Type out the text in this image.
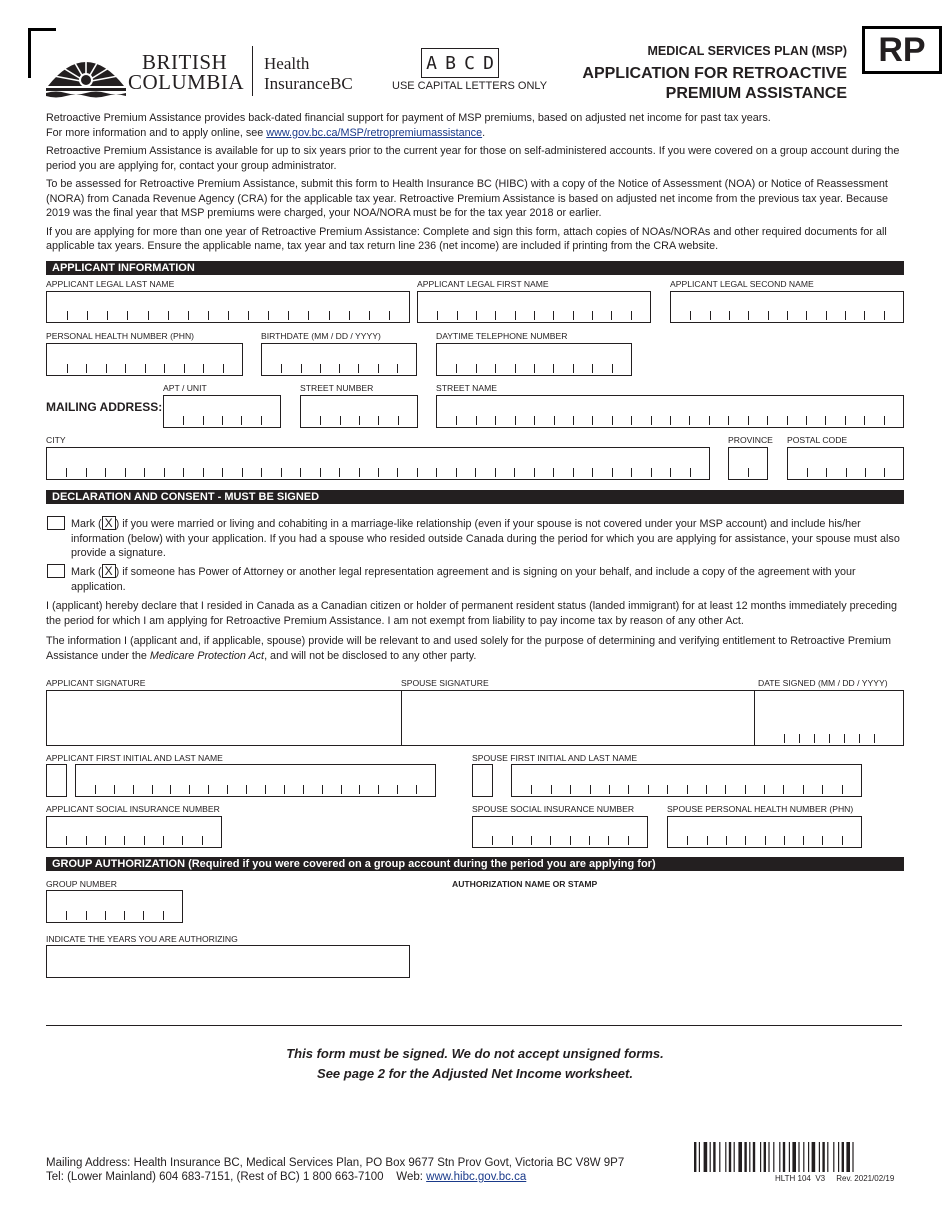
RP
BRITISH
COLUMBIA
Health
InsuranceBC
A B C D
USE CAPITAL LETTERS ONLY
MEDICAL SERVICES PLAN (MSP)
APPLICATION FOR RETROACTIVE
PREMIUM ASSISTANCE

Retroactive Premium Assistance provides back-dated financial support for payment of MSP premiums, based on adjusted net income for past tax years.

For more information and to apply online, see www.gov.bc.ca/MSP/retropremiumassistance.

Retroactive Premium Assistance is available for up to six years prior to the current year for those on self-administered accounts. If you were covered on a group account during the period you are applying for, contact your group administrator.

To be assessed for Retroactive Premium Assistance, submit this form to Health Insurance BC (HIBC) with a copy of the Notice of Assessment (NOA) or Notice of Reassessment (NORA) from Canada Revenue Agency (CRA) for the applicable tax year. Retroactive Premium Assistance is based on adjusted net income from the previous tax year. Because 2019 was the final year that MSP premiums were charged, your NOA/NORA must be for the tax year 2018 or earlier.

If you are applying for more than one year of Retroactive Premium Assistance: Complete and sign this form, attach copies of NOAs/NORAs and other required documents for all applicable tax years. Ensure the applicable name, tax year and tax return line 236 (net income) are included if printing from the CRA website.

APPLICANT INFORMATION
APPLICANT LEGAL LAST NAME	APPLICANT LEGAL FIRST NAME	APPLICANT LEGAL SECOND NAME
PERSONAL HEALTH NUMBER (PHN)	BIRTHDATE (MM / DD / YYYY)	DAYTIME TELEPHONE NUMBER
MAILING ADDRESS:
APT / UNIT	STREET NUMBER	STREET NAME
CITY	PROVINCE POSTAL CODE
DECLARATION AND CONSENT - MUST BE SIGNED
Mark ( X ) if you were married or living and cohabiting in a marriage-like relationship (even if your spouse is not covered under your MSP account) and include his/her information (below) with your application. If you had a spouse who resided outside Canada during the period for which you are applying for assistance, your spouse must also provide a signature.
Mark ( X ) if someone has Power of Attorney or another legal representation agreement and is signing on your behalf, and include a copy of the agreement with your application.
I (applicant) hereby declare that I resided in Canada as a Canadian citizen or holder of permanent resident status (landed immigrant) for at least 12 months immediately preceding the period for which I am applying for Retroactive Premium Assistance. I am not exempt from liability to pay income tax by reason of any other Act.
The information I (applicant and, if applicable, spouse) provide will be relevant to and used solely for the purpose of determining and verifying entitlement to Retroactive Premium Assistance under the Medicare Protection Act, and will not be disclosed to any other party.
APPLICANT SIGNATURE	SPOUSE SIGNATURE	DATE SIGNED (MM / DD / YYYY)
APPLICANT FIRST INITIAL AND LAST NAME	SPOUSE FIRST INITIAL AND LAST NAME
APPLICANT SOCIAL INSURANCE NUMBER	SPOUSE SOCIAL INSURANCE NUMBER	SPOUSE PERSONAL HEALTH NUMBER (PHN)
GROUP AUTHORIZATION (Required if you were covered on a group account during the period you are applying for)
GROUP NUMBER	AUTHORIZATION NAME OR STAMP
INDICATE THE YEARS YOU ARE AUTHORIZING
This form must be signed. We do not accept unsigned forms.
See page 2 for the Adjusted Net Income worksheet.
Mailing Address: Health Insurance BC, Medical Services Plan, PO Box 9677 Stn Prov Govt, Victoria BC V8W 9P7
Tel: (Lower Mainland) 604 683-7151, (Rest of BC) 1 800 663-7100    Web: www.hibc.gov.bc.ca	HLTH 104  V3     Rev. 2021/02/19
